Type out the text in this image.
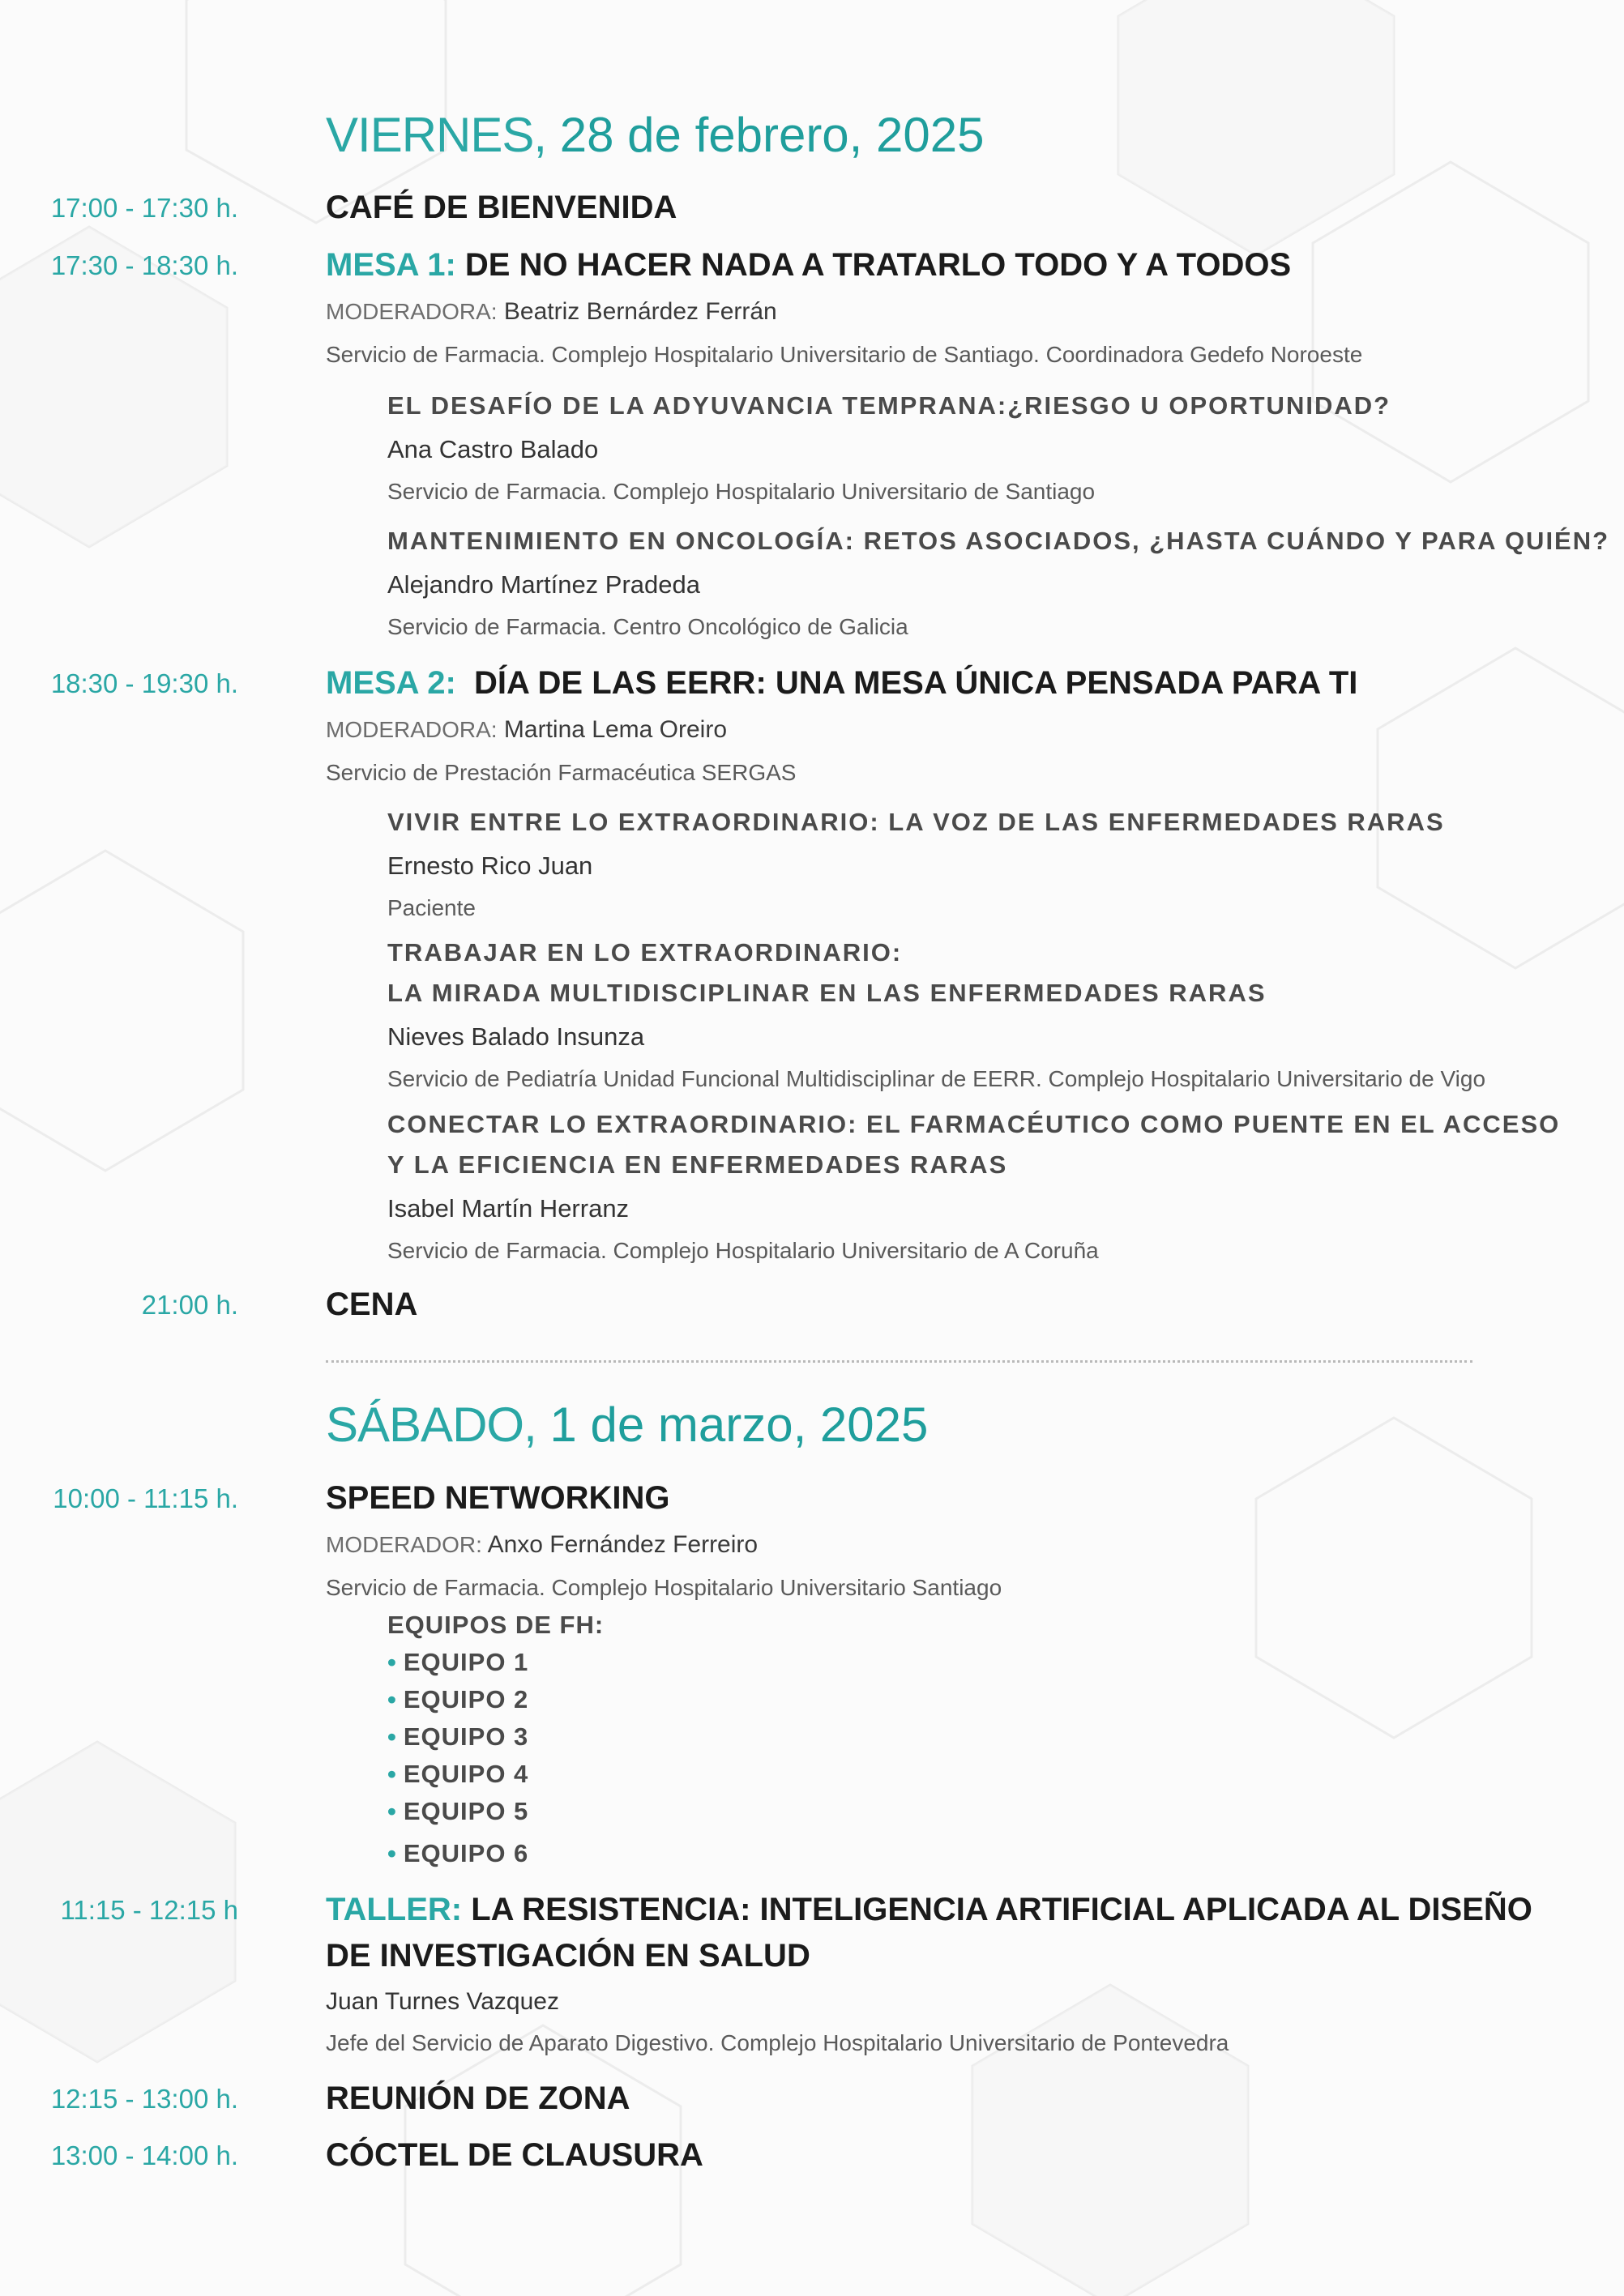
VIERNES, 28 de febrero, 2025
17:00 - 17:30 h.	CAFÉ DE BIENVENIDA
17:30 - 18:30 h.	MESA 1: DE NO HACER NADA A TRATARLO TODO Y A TODOS
MODERADORA: Beatriz Bernárdez Ferrán
Servicio de Farmacia. Complejo Hospitalario Universitario de Santiago. Coordinadora Gedefo Noroeste
EL DESAFÍO DE LA ADYUVANCIA TEMPRANA:¿RIESGO U OPORTUNIDAD?
Ana Castro Balado
Servicio de Farmacia. Complejo Hospitalario Universitario de Santiago
MANTENIMIENTO EN ONCOLOGÍA: RETOS ASOCIADOS, ¿HASTA CUÁNDO Y PARA QUIÉN?
Alejandro Martínez Pradeda
Servicio de Farmacia. Centro Oncológico de Galicia
18:30 - 19:30 h.	MESA 2: DÍA DE LAS EERR: UNA MESA ÚNICA PENSADA PARA TI
MODERADORA: Martina Lema Oreiro
Servicio de Prestación Farmacéutica SERGAS
VIVIR ENTRE LO EXTRAORDINARIO: LA VOZ DE LAS ENFERMEDADES RARAS
Ernesto Rico Juan
Paciente
TRABAJAR EN LO EXTRAORDINARIO:
LA MIRADA MULTIDISCIPLINAR EN LAS ENFERMEDADES RARAS
Nieves Balado Insunza
Servicio de Pediatría Unidad Funcional Multidisciplinar de EERR. Complejo Hospitalario Universitario de Vigo
CONECTAR LO EXTRAORDINARIO: EL FARMACÉUTICO COMO PUENTE EN EL ACCESO
Y LA EFICIENCIA EN ENFERMEDADES RARAS
Isabel Martín Herranz
Servicio de Farmacia. Complejo Hospitalario Universitario de A Coruña
21:00 h.	CENA
SÁBADO, 1 de marzo, 2025
10:00 - 11:15 h.	SPEED NETWORKING
MODERADOR: Anxo Fernández Ferreiro
Servicio de Farmacia. Complejo Hospitalario Universitario Santiago
EQUIPOS DE FH:
• EQUIPO 1
• EQUIPO 2
• EQUIPO 3
• EQUIPO 4
• EQUIPO 5
• EQUIPO 6
11:15 - 12:15 h	TALLER: LA RESISTENCIA: INTELIGENCIA ARTIFICIAL APLICADA AL DISEÑO
DE INVESTIGACIÓN EN SALUD
Juan Turnes Vazquez
Jefe del Servicio de Aparato Digestivo. Complejo Hospitalario Universitario de Pontevedra
12:15 - 13:00 h.	REUNIÓN DE ZONA
13:00 - 14:00 h.	CÓCTEL DE CLAUSURA
